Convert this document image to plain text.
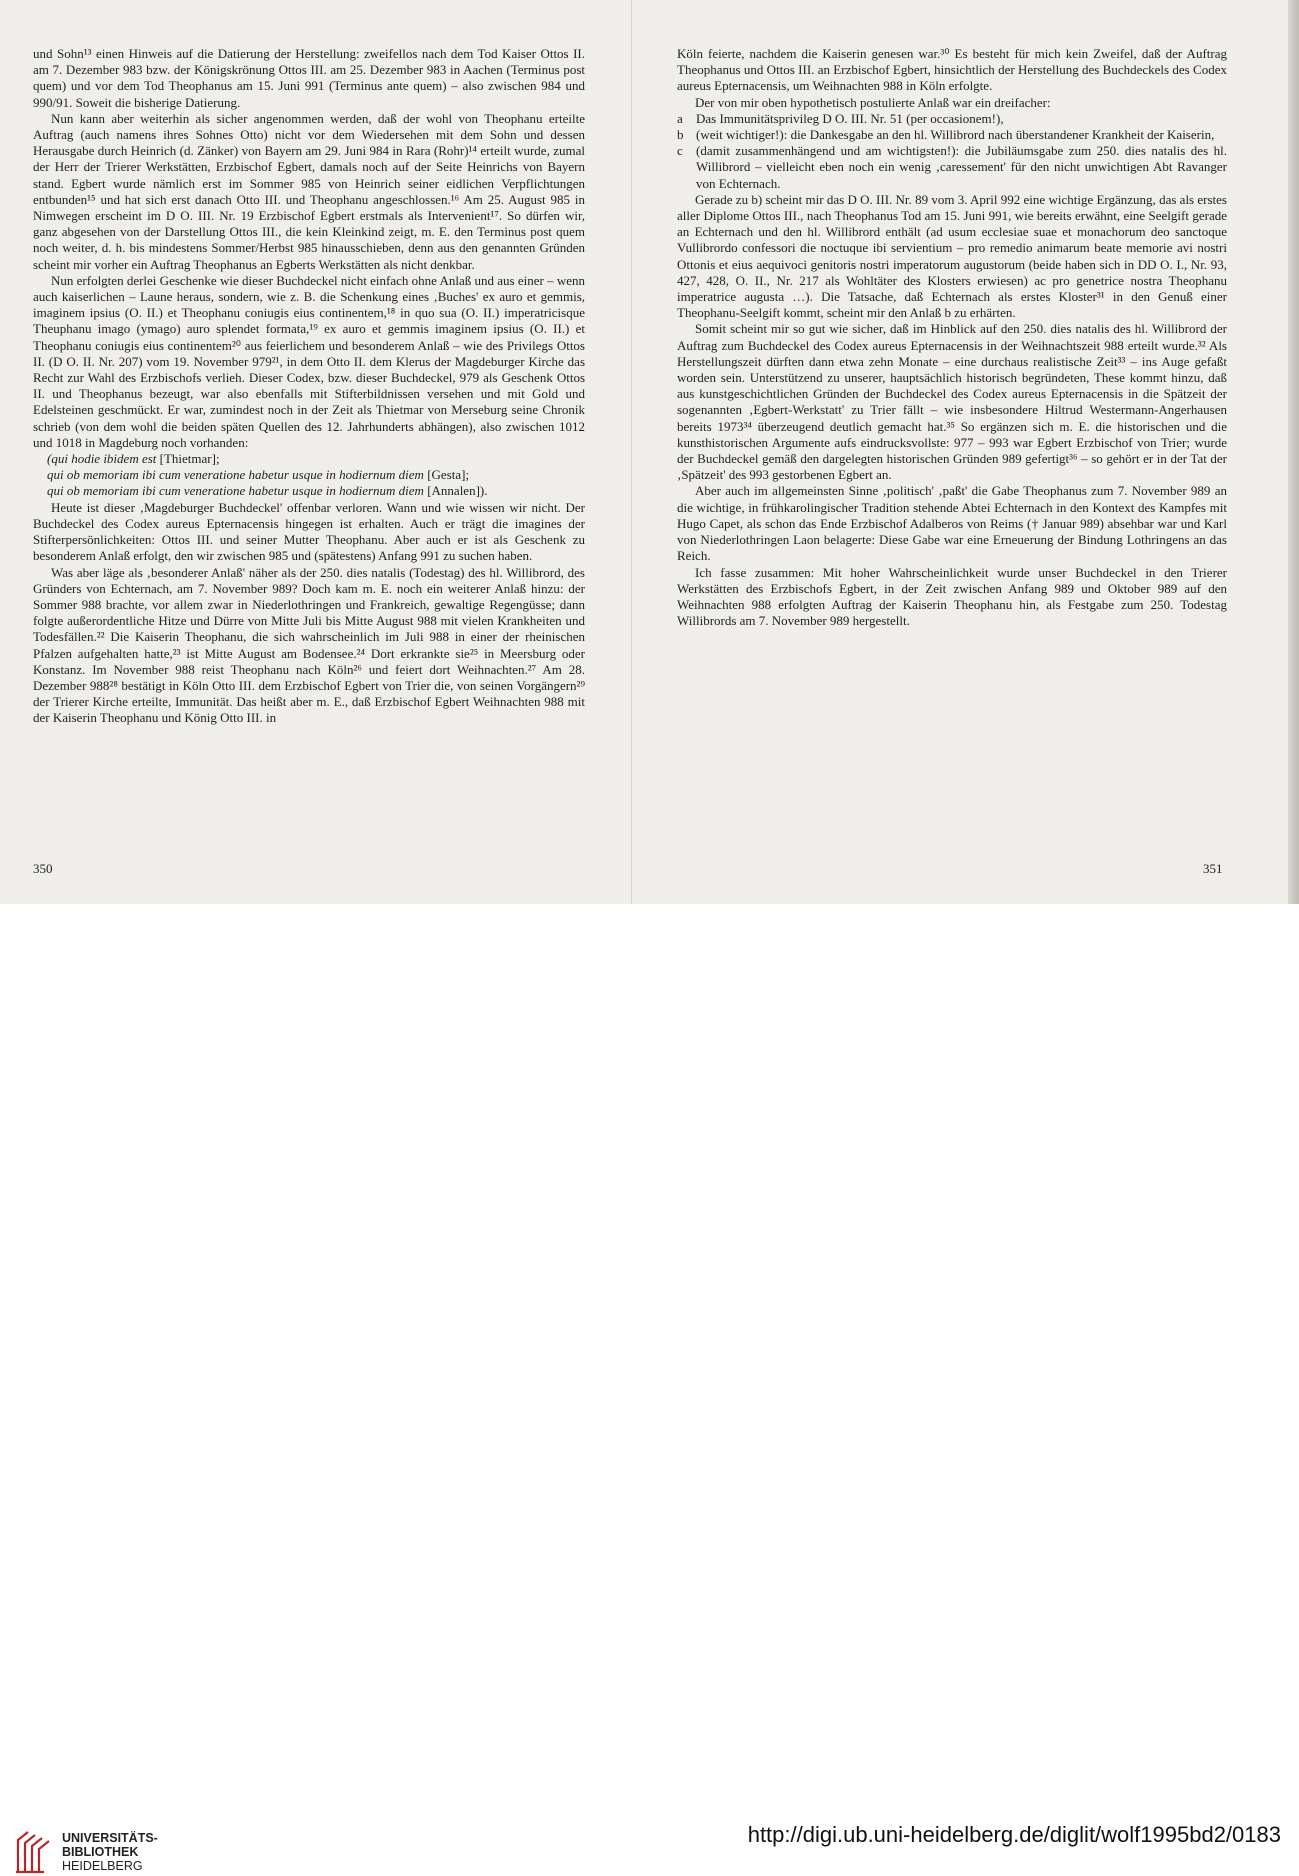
und Sohn¹³ einen Hinweis auf die Datierung der Herstellung: zweifellos nach dem Tod Kaiser Ottos II. am 7. Dezember 983 bzw. der Königskrönung Ottos III. am 25. Dezember 983 in Aachen (Terminus post quem) und vor dem Tod Theophanus am 15. Juni 991 (Terminus ante quem) – also zwischen 984 und 990/91. Soweit die bisherige Datierung.

Nun kann aber weiterhin als sicher angenommen werden, daß der wohl von Theophanu erteilte Auftrag (auch namens ihres Sohnes Otto) nicht vor dem Wiedersehen mit dem Sohn und dessen Herausgabe durch Heinrich (d. Zänker) von Bayern am 29. Juni 984 in Rara (Rohr)¹⁴ erteilt wurde, zumal der Herr der Trierer Werkstätten, Erzbischof Egbert, damals noch auf der Seite Heinrichs von Bayern stand. Egbert wurde nämlich erst im Sommer 985 von Heinrich seiner eidlichen Verpflichtungen entbunden¹⁵ und hat sich erst danach Otto III. und Theophanu angeschlossen.¹⁶ Am 25. August 985 in Nimwegen erscheint im D O. III. Nr. 19 Erzbischof Egbert erstmals als Intervenient¹⁷. So dürfen wir, ganz abgesehen von der Darstellung Ottos III., die kein Kleinkind zeigt, m. E. den Terminus post quem noch weiter, d. h. bis mindestens Sommer/Herbst 985 hinausschieben, denn aus den genannten Gründen scheint mir vorher ein Auftrag Theophanus an Egberts Werkstätten als nicht denkbar.

Nun erfolgten derlei Geschenke wie dieser Buchdeckel nicht einfach ohne Anlaß und aus einer – wenn auch kaiserlichen – Laune heraus, sondern, wie z. B. die Schenkung eines ‚Buches' ex auro et gemmis, imaginem ipsius (O. II.) et Theophanu coniugis eius continentem,¹⁸ in quo sua (O. II.) imperatricisque Theuphanu imago (ymago) auro splendet formata,¹⁹ ex auro et gemmis imaginem ipsius (O. II.) et Theophanu coniugis eius continentem²⁰ aus feierlichem und besonderem Anlaß – wie des Privilegs Ottos II. (D O. II. Nr. 207) vom 19. November 979²¹, in dem Otto II. dem Klerus der Magdeburger Kirche das Recht zur Wahl des Erzbischofs verlieh. Dieser Codex, bzw. dieser Buchdeckel, 979 als Geschenk Ottos II. und Theophanus bezeugt, war also ebenfalls mit Stifterbildnissen versehen und mit Gold und Edelsteinen geschmückt. Er war, zumindest noch in der Zeit als Thietmar von Merseburg seine Chronik schrieb (von dem wohl die beiden späten Quellen des 12. Jahrhunderts abhängen), also zwischen 1012 und 1018 in Magdeburg noch vorhanden:

(qui hodie ibidem est [Thietmar];

qui ob memoriam ibi cum veneratione habetur usque in hodiernum diem [Gesta];

qui ob memoriam ibi cum veneratione habetur usque in hodiernum diem [Annalen]).

Heute ist dieser ‚Magdeburger Buchdeckel' offenbar verloren. Wann und wie wissen wir nicht. Der Buchdeckel des Codex aureus Epternacensis hingegen ist erhalten. Auch er trägt die imagines der Stifterpersönlichkeiten: Ottos III. und seiner Mutter Theophanu. Aber auch er ist als Geschenk zu besonderem Anlaß erfolgt, den wir zwischen 985 und (spätestens) Anfang 991 zu suchen haben.

Was aber läge als ‚besonderer Anlaß' näher als der 250. dies natalis (Todestag) des hl. Willibrord, des Gründers von Echternach, am 7. November 989? Doch kam m. E. noch ein weiterer Anlaß hinzu: der Sommer 988 brachte, vor allem zwar in Niederlothringen und Frankreich, gewaltige Regengüsse; dann folgte außerordentliche Hitze und Dürre von Mitte Juli bis Mitte August 988 mit vielen Krankheiten und Todesfällen.²² Die Kaiserin Theophanu, die sich wahrscheinlich im Juli 988 in einer der rheinischen Pfalzen aufgehalten hatte,²³ ist Mitte August am Bodensee.²⁴ Dort erkrankte sie²⁵ in Meersburg oder Konstanz. Im November 988 reist Theophanu nach Köln²⁶ und feiert dort Weihnachten.²⁷ Am 28. Dezember 988²⁸ bestätigt in Köln Otto III. dem Erzbischof Egbert von Trier die, von seinen Vorgängern²⁹ der Trierer Kirche erteilte, Immunität. Das heißt aber m. E., daß Erzbischof Egbert Weihnachten 988 mit der Kaiserin Theophanu und König Otto III. in

350	351

Köln feierte, nachdem die Kaiserin genesen war.³⁰ Es besteht für mich kein Zweifel, daß der Auftrag Theophanus und Ottos III. an Erzbischof Egbert, hinsichtlich der Herstellung des Buchdeckels des Codex aureus Epternacensis, um Weihnachten 988 in Köln erfolgte.

Der von mir oben hypothetisch postulierte Anlaß war ein dreifacher:

a	Das Immunitätsprivileg D O. III. Nr. 51 (per occasionem!),
b (weit wichtiger!): die Dankesgabe an den hl. Willibrord nach überstandener Krankheit der Kaiserin,
c	(damit zusammenhängend und am wichtigsten!): die Jubiläumsgabe zum 250. dies natalis des hl. Willibrord – vielleicht eben noch ein wenig ‚caressement' für den nicht unwichtigen Abt Ravanger von Echternach.

Gerade zu b) scheint mir das D O. III. Nr. 89 vom 3. April 992 eine wichtige Ergänzung, das als erstes aller Diplome Ottos III., nach Theophanus Tod am 15. Juni 991, wie bereits erwähnt, eine Seelgift gerade an Echternach und den hl. Willibrord enthält (ad usum ecclesiae suae et monachorum deo sanctoque Vullibrordo confessori die noctuque ibi servientium – pro remedio animarum beate memorie avi nostri Ottonis et eius aequivoci genitoris nostri imperatorum augustorum (beide haben sich in DD O. I., Nr. 93, 427, 428, O. II., Nr. 217 als Wohltäter des Klosters erwiesen) ac pro genetrice nostra Theophanu imperatrice augusta …). Die Tatsache, daß Echternach als erstes Kloster³¹ in den Genuß einer Theophanu-Seelgift kommt, scheint mir den Anlaß b zu erhärten.

Somit scheint mir so gut wie sicher, daß im Hinblick auf den 250. dies natalis des hl. Willibrord der Auftrag zum Buchdeckel des Codex aureus Epternacensis in der Weihnachtszeit 988 erteilt wurde.³² Als Herstellungszeit dürften dann etwa zehn Monate – eine durchaus realistische Zeit³³ – ins Auge gefaßt worden sein. Unterstützend zu unserer, hauptsächlich historisch begründeten, These kommt hinzu, daß aus kunstgeschichtlichen Gründen der Buchdeckel des Codex aureus Epternacensis in die Spätzeit der sogenannten ‚Egbert-Werkstatt' zu Trier fällt – wie insbesondere Hiltrud Westermann-Angerhausen bereits 1973³⁴ überzeugend deutlich gemacht hat.³⁵ So ergänzen sich m. E. die historischen und die kunsthistorischen Argumente aufs eindrucksvollste: 977 – 993 war Egbert Erzbischof von Trier; wurde der Buchdeckel gemäß den dargelegten historischen Gründen 989 gefertigt³⁶ – so gehört er in der Tat der ‚Spätzeit' des 993 gestorbenen Egbert an.

Aber auch im allgemeinsten Sinne ‚politisch' ‚paßt' die Gabe Theophanus zum 7. November 989 an die wichtige, in frühkarolingischer Tradition stehende Abtei Echternach in den Kontext des Kampfes mit Hugo Capet, als schon das Ende Erzbischof Adalberos von Reims († Januar 989) absehbar war und Karl von Niederlothringen Laon belagerte: Diese Gabe war eine Erneuerung der Bindung Lothringens an das Reich.

Ich fasse zusammen: Mit hoher Wahrscheinlichkeit wurde unser Buchdeckel in den Trierer Werkstätten des Erzbischofs Egbert, in der Zeit zwischen Anfang 989 und Oktober 989 auf den Weihnachten 988 erfolgten Auftrag der Kaiserin Theophanu hin, als Festgabe zum 250. Todestag Willibrords am 7. November 989 hergestellt.

UNIVERSITÄTS-
BIBLIOTHEK
HEIDELBERG
http://digi.ub.uni-heidelberg.de/diglit/wolf1995bd2/0183
